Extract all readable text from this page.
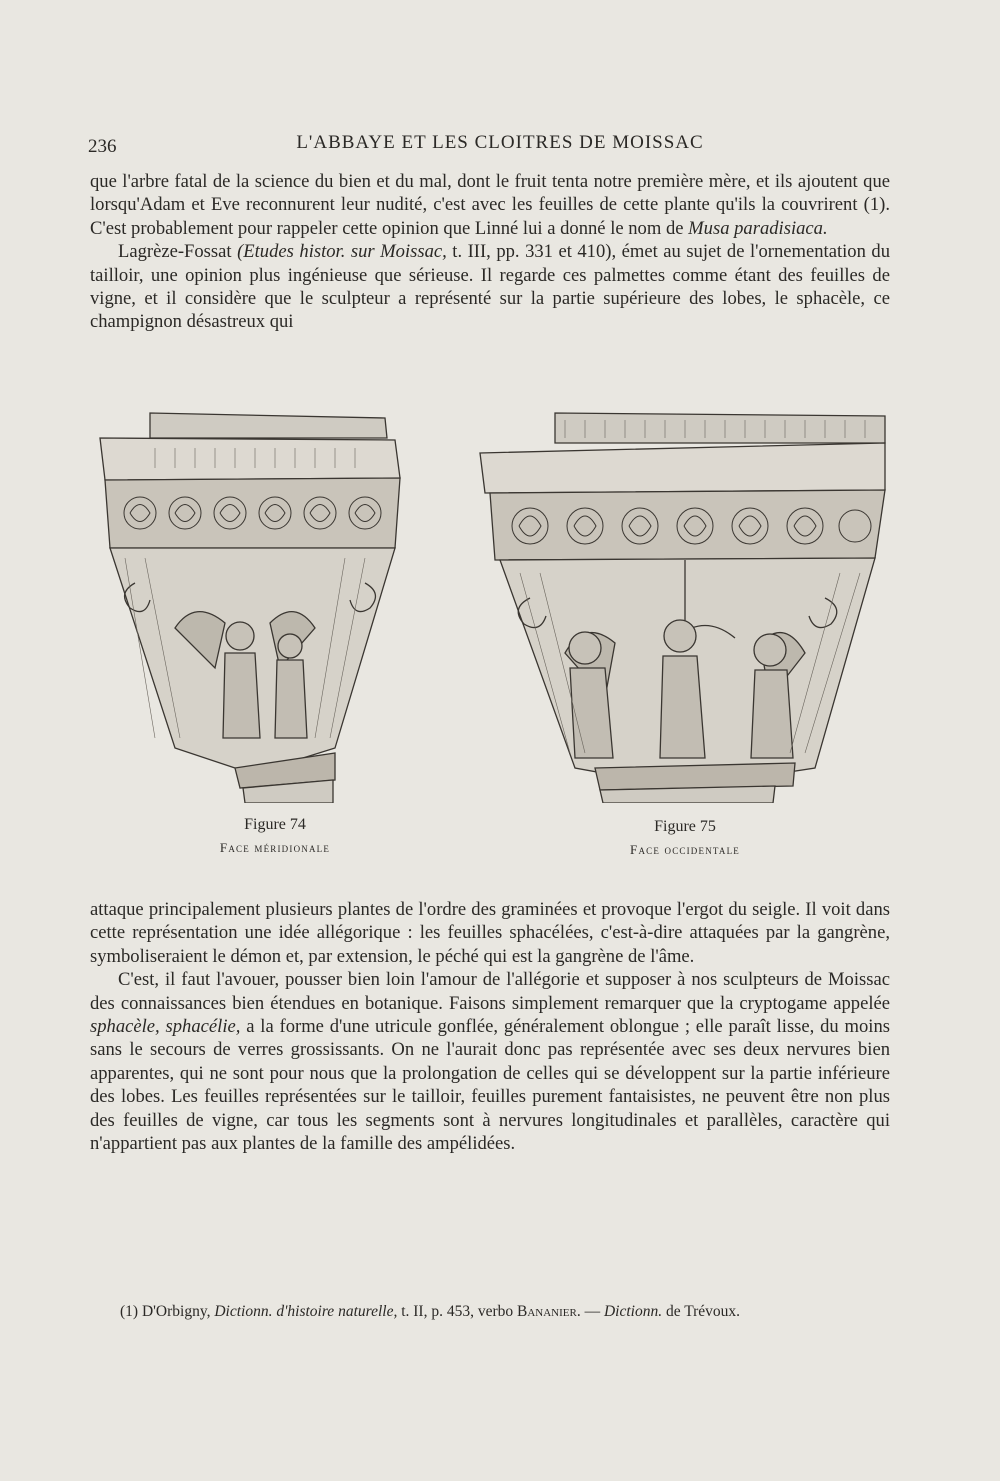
236	L'ABBAYE ET LES CLOITRES DE MOISSAC

que l'arbre fatal de la science du bien et du mal, dont le fruit tenta notre première mère, et ils ajoutent que lorsqu'Adam et Eve reconnurent leur nudité, c'est avec les feuilles de cette plante qu'ils la couvrirent (1). C'est probablement pour rappeler cette opinion que Linné lui a donné le nom de Musa paradisiaca.

Lagrèze-Fossat (Etudes histor. sur Moissac, t. III, pp. 331 et 410), émet au sujet de l'ornementation du tailloir, une opinion plus ingénieuse que sérieuse. Il regarde ces palmettes comme étant des feuilles de vigne, et il considère que le sculpteur a représenté sur la partie supérieure des lobes, le sphacèle, ce champignon désastreux qui

Figure 74
Face méridionale
Figure 75
Face occidentale

attaque principalement plusieurs plantes de l'ordre des graminées et provoque l'ergot du seigle. Il voit dans cette représentation une idée allégorique : les feuilles sphacélées, c'est-à-dire attaquées par la gangrène, symboliseraient le démon et, par extension, le péché qui est la gangrène de l'âme.

C'est, il faut l'avouer, pousser bien loin l'amour de l'allégorie et supposer à nos sculpteurs de Moissac des connaissances bien étendues en botanique. Faisons simplement remarquer que la cryptogame appelée sphacèle, sphacélie, a la forme d'une utricule gonflée, généralement oblongue ; elle paraît lisse, du moins sans le secours de verres grossissants. On ne l'aurait donc pas représentée avec ses deux nervures bien apparentes, qui ne sont pour nous que la prolongation de celles qui se développent sur la partie inférieure des lobes. Les feuilles représentées sur le tailloir, feuilles purement fantaisistes, ne peuvent être non plus des feuilles de vigne, car tous les segments sont à nervures longitudinales et parallèles, caractère qui n'appartient pas aux plantes de la famille des ampélidées.

(1) D'Orbigny, Dictionn. d'histoire naturelle, t. II, p. 453, verbo Bananier. — Dictionn. de Trévoux.
